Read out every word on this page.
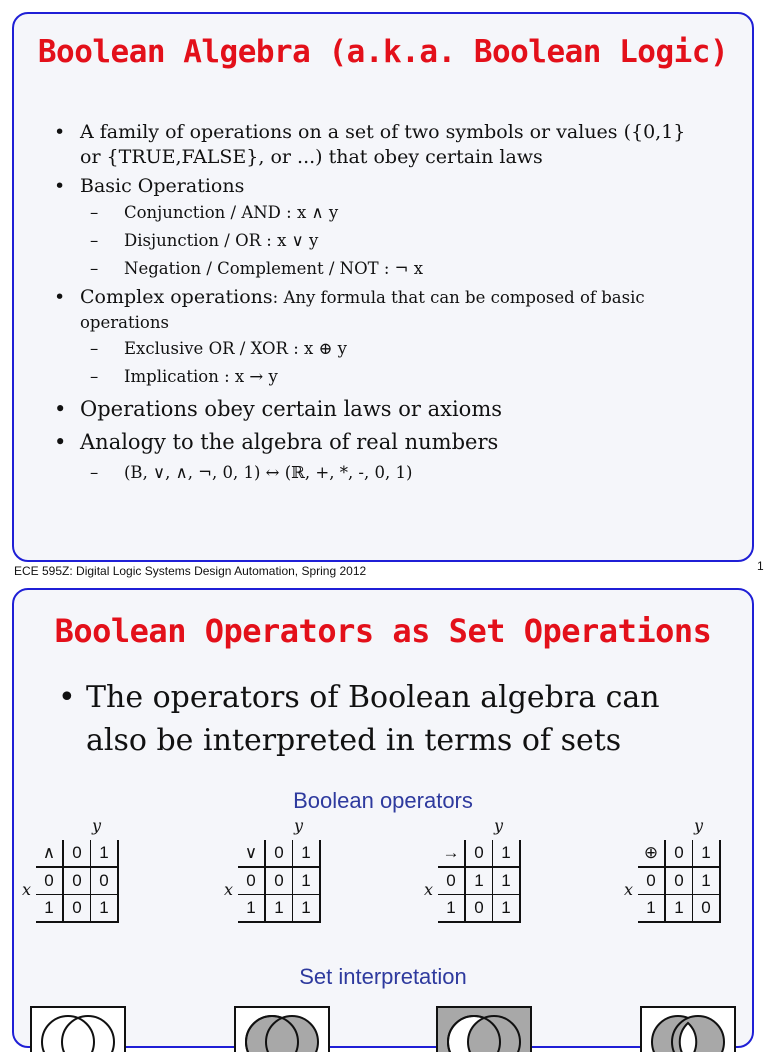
Boolean Algebra (a.k.a. Boolean Logic)
• A family of operations on a set of two symbols or values ({0,1}
or {TRUE,FALSE}, or ...) that obey certain laws
• Basic Operations
– Conjunction / AND : x ∧ y
– Disjunction / OR : x ∨ y
– Negation / Complement / NOT : ¬ x
• Complex operations: Any formula that can be composed of basic
operations
– Exclusive OR / XOR : x ⊕ y
– Implication : x → y
• Operations obey certain laws or axioms
• Analogy to the algebra of real numbers
– (B, ∨, ∧, ¬, 0, 1) ↔ (ℝ, +, *, -, 0, 1)
ECE 595Z: Digital Logic Systems Design Automation, Spring 2012	1
Boolean Operators as Set Operations
• The operators of Boolean algebra can
also be interpreted in terms of sets
Boolean operators
y
x
∧	0	1
0	0	0
1	0	1
y
x
∨	0	1
0	0	1
1	1	1
y
x
→	0	1
0	1	1
1	0	1
y
x
⊕	0	1
0	0	1
1	1	0
Set interpretation
